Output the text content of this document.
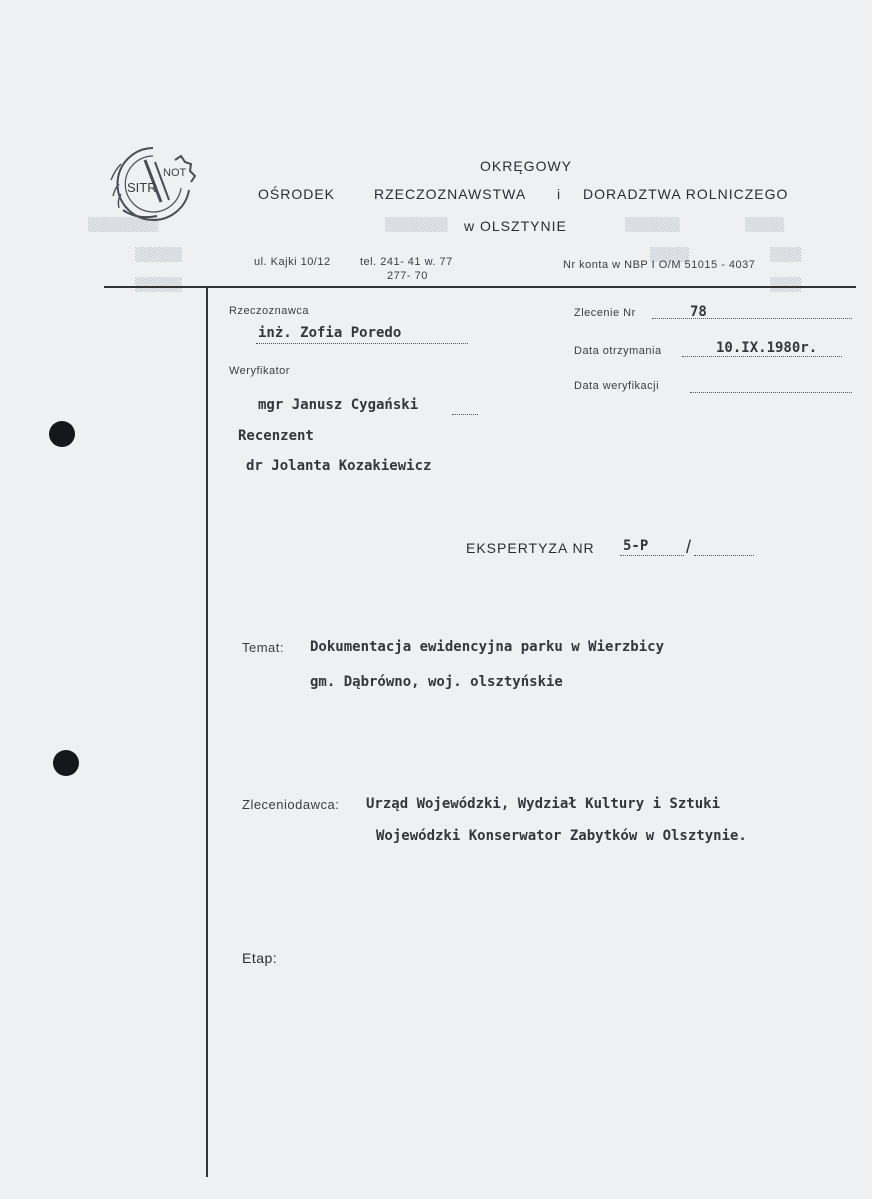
▒▒▒▒▒▒▒▒▒
▒▒▒▒▒▒
▒▒▒▒▒▒▒▒	▒▒▒▒▒▒▒
▒▒▒▒▒
▒▒▒▒▒
▒▒▒▒
SITR
NOT	OKRĘGOWY
OŚRODEK	RZECZOZNAWSTWA i DORADZTWA ROLNICZEGO
w OLSZTYNIE
ul. Kajki 10/12	tel. 241- 41 w. 77
277- 70
Nr konta w NBP I O/M 51015 - 4037
Rzeczoznawca
inż. Zofia Poredo
Weryfikator
mgr Janusz Cygański
Recenzent
dr Jolanta Kozakiewicz
Zlecenie Nr	78
Data otrzymania	10.IX.1980r.
Data weryfikacji
EKSPERTYZA NR 5-P /
Temat: Dokumentacja ewidencyjna parku w Wierzbicy
gm. Dąbrówno, woj. olsztyńskie
Zleceniodawca: Urząd Wojewódzki, Wydział Kultury i Sztuki
Wojewódzki Konserwator Zabytków w Olsztynie.
Etap:
